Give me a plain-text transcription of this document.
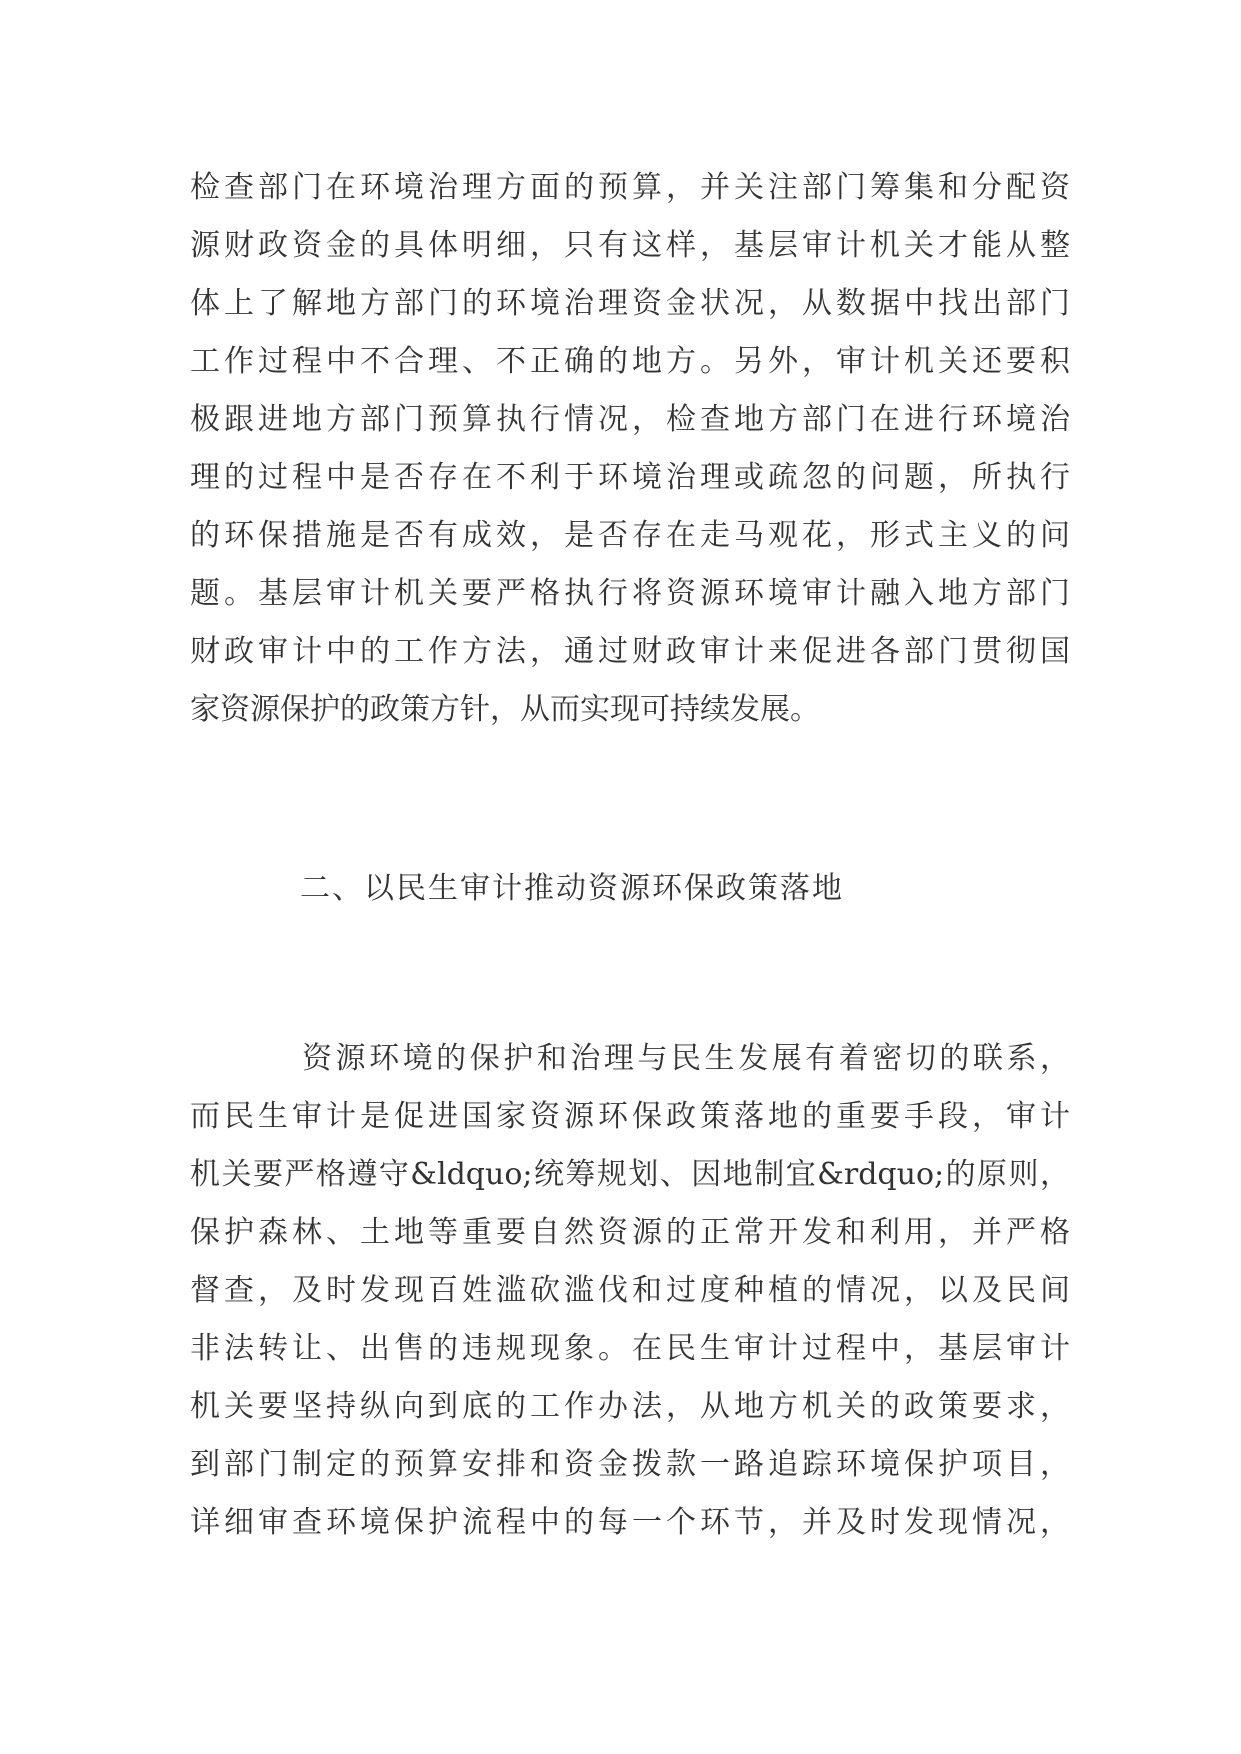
检查部门在环境治理方面的预算，并关注部门筹集和分配资
源财政资金的具体明细，只有这样，基层审计机关才能从整
体上了解地方部门的环境治理资金状况，从数据中找出部门
工作过程中不合理、不正确的地方。另外，审计机关还要积
极跟进地方部门预算执行情况，检查地方部门在进行环境治
理的过程中是否存在不利于环境治理或疏忽的问题，所执行
的环保措施是否有成效，是否存在走马观花，形式主义的问
题。基层审计机关要严格执行将资源环境审计融入地方部门
财政审计中的工作方法，通过财政审计来促进各部门贯彻国
家资源保护的政策方针，从而实现可持续发展。
二、以民生审计推动资源环保政策落地
资源环境的保护和治理与民生发展有着密切的联系，
而民生审计是促进国家资源环保政策落地的重要手段，审计
机关要严格遵守&ldquo;统筹规划、因地制宜&rdquo;的原则，
保护森林、土地等重要自然资源的正常开发和利用，并严格
督查，及时发现百姓滥砍滥伐和过度种植的情况，以及民间
非法转让、出售的违规现象。在民生审计过程中，基层审计
机关要坚持纵向到底的工作办法，从地方机关的政策要求，
到部门制定的预算安排和资金拨款一路追踪环境保护项目，
详细审查环境保护流程中的每一个环节，并及时发现情况，
